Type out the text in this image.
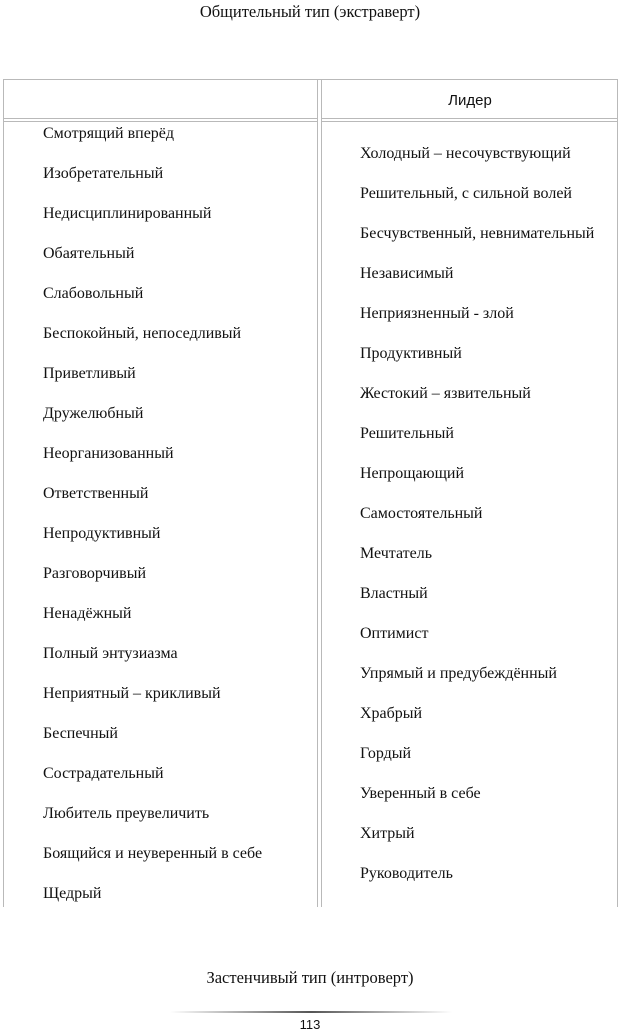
Общительный тип (экстраверт)
Лидер
Смотрящий вперёд
Изобретательный
Недисциплинированный
Обаятельный
Слабовольный
Беспокойный, непоседливый
Приветливый
Дружелюбный
Неорганизованный
Ответственный
Непродуктивный
Разговорчивый
Ненадёжный
Полный энтузиазма
Неприятный – крикливый
Беспечный
Сострадательный
Любитель преувеличить
Боящийся и неуверенный в себе
Щедрый
Холодный – несочувствующий
Решительный, с сильной волей
Бесчувственный, невнимательный
Независимый
Неприязненный - злой
Продуктивный
Жестокий – язвительный
Решительный
Непрощающий
Самостоятельный
Мечтатель
Властный
Оптимист
Упрямый и предубеждённый
Храбрый
Гордый
Уверенный в себе
Хитрый
Руководитель
Застенчивый тип (интроверт)
113
